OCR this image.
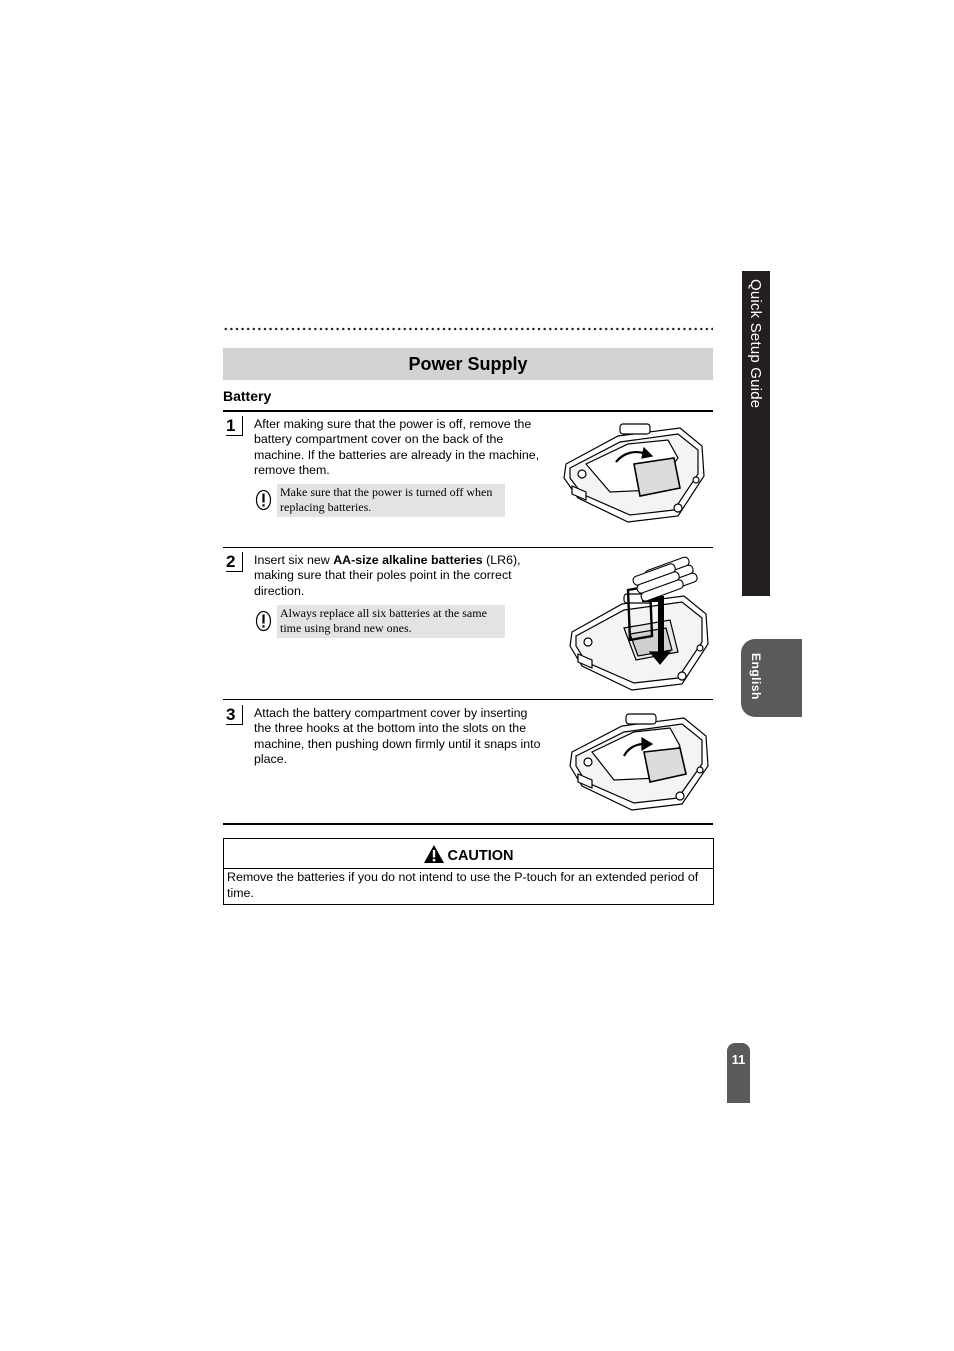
Power Supply
Battery
1	After making sure that the power is off, remove the battery compartment cover on the back of the machine. If the batteries are already in the machine, remove them.
Make sure that the power is turned off when replacing batteries.
2	Insert six new AA-size alkaline batteries (LR6), making sure that their poles point in the correct direction.
Always replace all six batteries at the same time using brand new ones.
3	Attach the battery compartment cover by inserting the three hooks at the bottom into the slots on the machine, then pushing down firmly until it snaps into place.
CAUTION
Remove the batteries if you do not intend to use the P-touch for an extended period of time.
Quick Setup Guide
English
11
